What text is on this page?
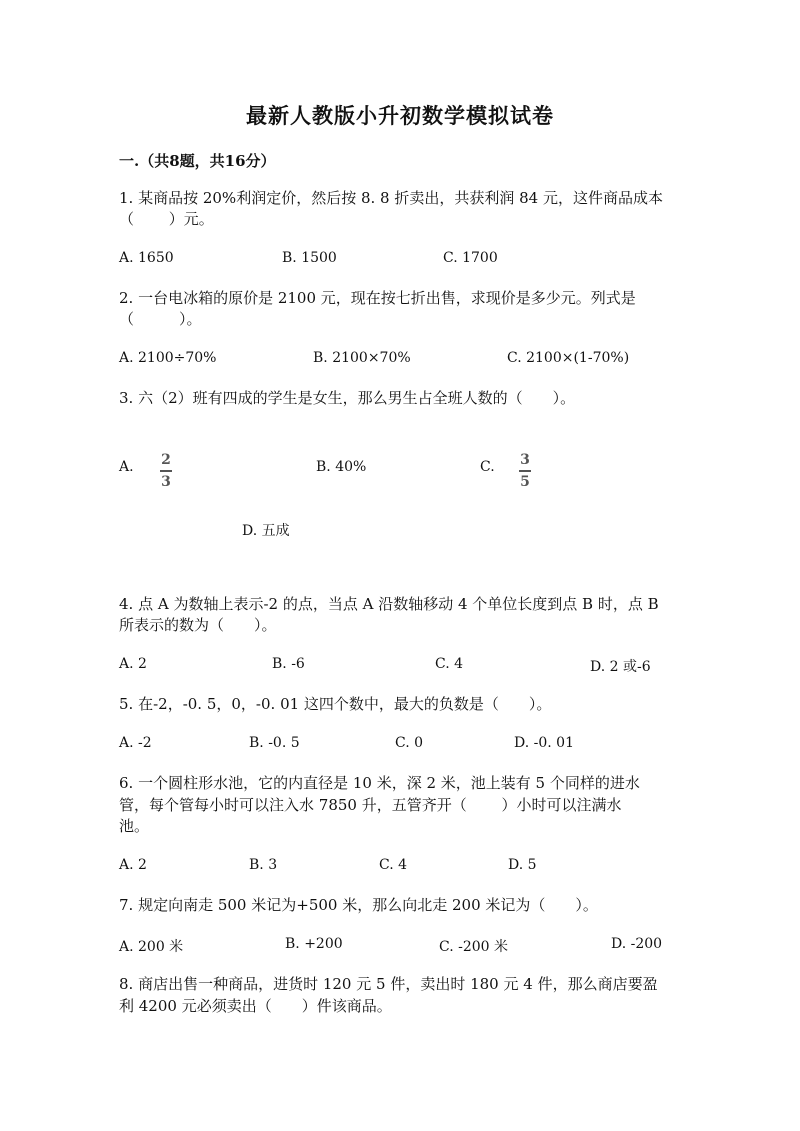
最新人教版小升初数学模拟试卷
一.（共8题，共16分）
1. 某商品按 20%利润定价，然后按 8. 8 折卖出，共获利润 84 元，这件商品成本
（　　 ）元。
A. 1650	B. 1500	C. 1700
2. 一台电冰箱的原价是 2100 元，现在按七折出售，求现价是多少元。列式是
（　　　）。
A. 2100÷70%	B. 2100×70%	C. 2100×(1-70%)
3. 六（2）班有四成的学生是女生，那么男生占全班人数的（　　）。
A. 2
3
B. 40%	C. 3
5
D. 五成
4. 点 A 为数轴上表示-2 的点，当点 A 沿数轴移动 4 个单位长度到点 B 时，点 B
所表示的数为（　　）。
A. 2	B. -6	C. 4	D. 2 或-6
5. 在-2，-0. 5，0，-0. 01 这四个数中，最大的负数是（　　）。
A. -2	B. -0. 5	C. 0	D. -0. 01
6. 一个圆柱形水池，它的内直径是 10 米，深 2 米，池上装有 5 个同样的进水
管，每个管每小时可以注入水 7850 升，五管齐开（　　 ）小时可以注满水
池。
A. 2	B. 3	C. 4	D. 5
7. 规定向南走 500 米记为+500 米，那么向北走 200 米记为（　　）。
A. 200 米	B. +200	C. -200 米	D. -200
8. 商店出售一种商品，进货时 120 元 5 件，卖出时 180 元 4 件，那么商店要盈
利 4200 元必须卖出（　　）件该商品。
